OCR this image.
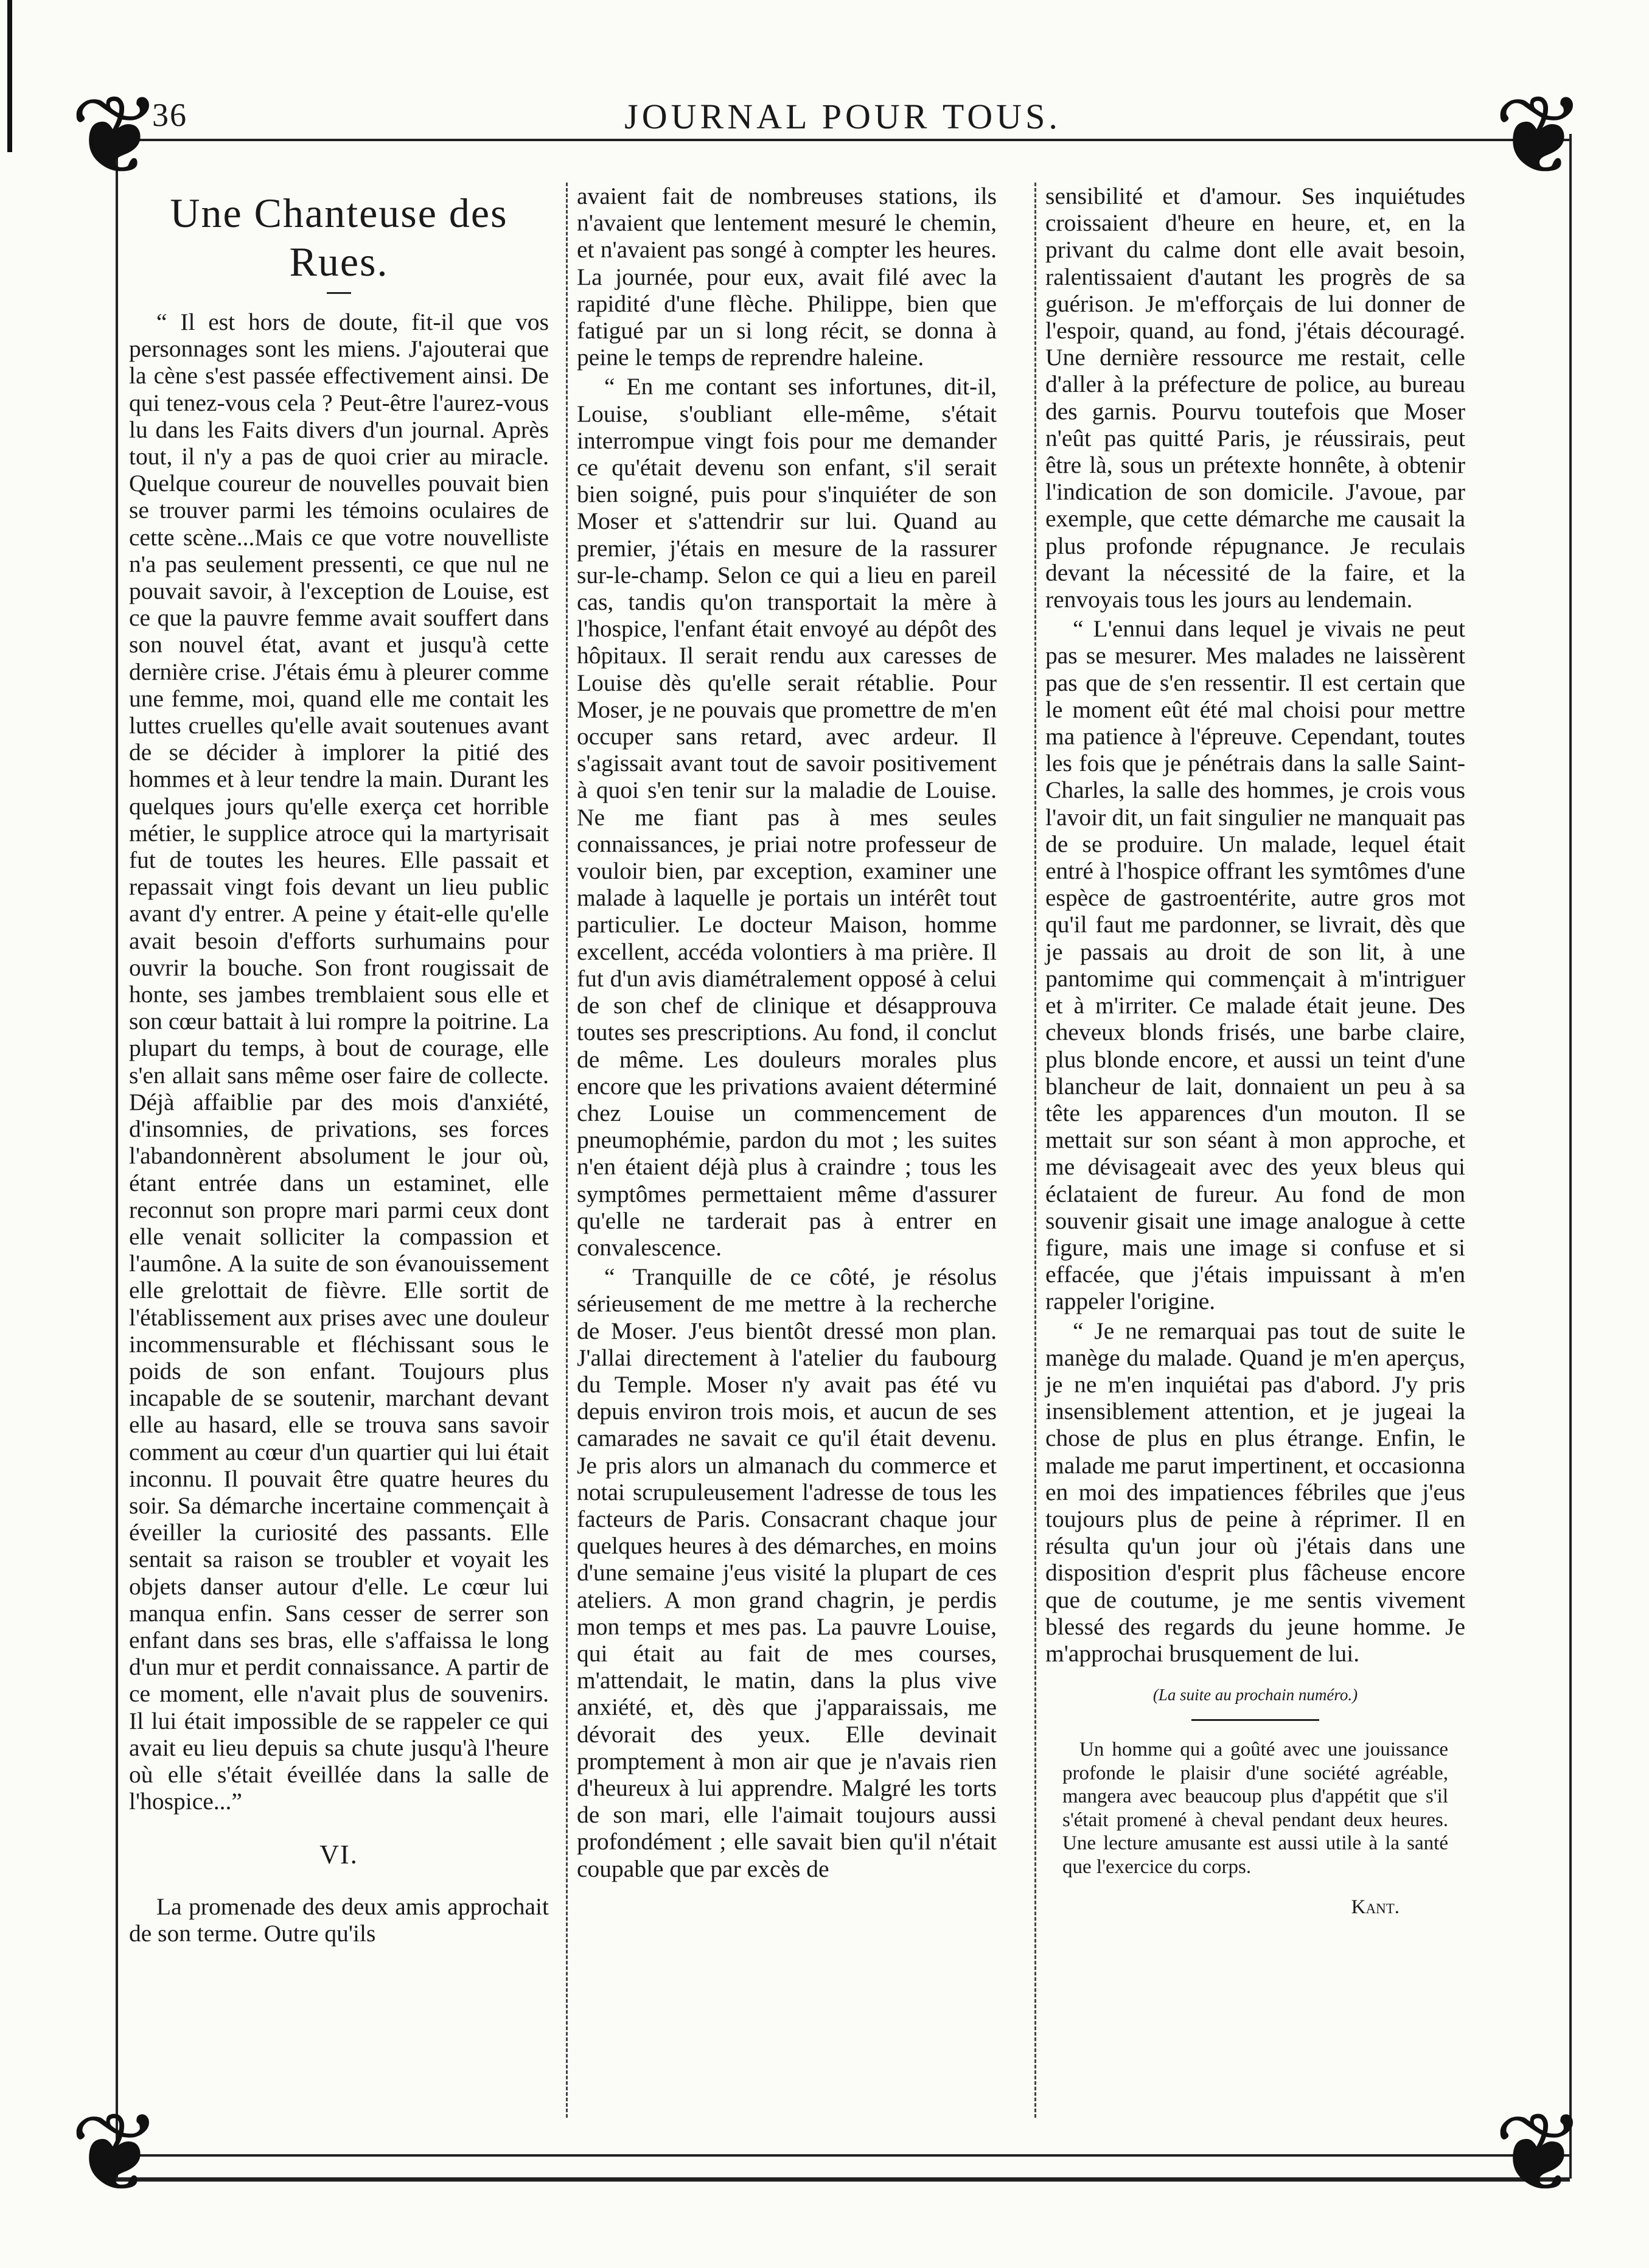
❦	❦
❦	❦
36	JOURNAL POUR TOUS.
Une Chanteuse des Rues.

“ Il est hors de doute, fit-il que vos personnages sont les miens. J'ajouterai que la cène s'est passée effectivement ainsi. De qui tenez-vous cela ? Peut-être l'aurez-vous lu dans les Faits divers d'un journal. Après tout, il n'y a pas de quoi crier au miracle. Quelque coureur de nouvelles pouvait bien se trouver parmi les témoins oculaires de cette scène...Mais ce que votre nouvelliste n'a pas seulement pressenti, ce que nul ne pouvait savoir, à l'exception de Louise, est ce que la pauvre femme avait souffert dans son nouvel état, avant et jusqu'à cette dernière crise. J'étais ému à pleurer comme une femme, moi, quand elle me contait les luttes cruelles qu'elle avait soutenues avant de se décider à implorer la pitié des hommes et à leur tendre la main. Durant les quelques jours qu'elle exerça cet horrible métier, le supplice atroce qui la martyrisait fut de toutes les heures. Elle passait et repassait vingt fois devant un lieu public avant d'y entrer. A peine y était-elle qu'elle avait besoin d'efforts surhumains pour ouvrir la bouche. Son front rougissait de honte, ses jambes tremblaient sous elle et son cœur battait à lui rompre la poitrine. La plupart du temps, à bout de courage, elle s'en allait sans même oser faire de collecte. Déjà affaiblie par des mois d'anxiété, d'insomnies, de privations, ses forces l'abandonnèrent absolument le jour où, étant entrée dans un estaminet, elle reconnut son propre mari parmi ceux dont elle venait solliciter la compassion et l'aumône. A la suite de son évanouissement elle grelottait de fièvre. Elle sortit de l'établissement aux prises avec une douleur incommensurable et fléchissant sous le poids de son enfant. Toujours plus incapable de se soutenir, marchant devant elle au hasard, elle se trouva sans savoir comment au cœur d'un quartier qui lui était inconnu. Il pouvait être quatre heures du soir. Sa démarche incertaine commençait à éveiller la curiosité des passants. Elle sentait sa raison se troubler et voyait les objets danser autour d'elle. Le cœur lui manqua enfin. Sans cesser de serrer son enfant dans ses bras, elle s'affaissa le long d'un mur et perdit connaissance. A partir de ce moment, elle n'avait plus de souvenirs. Il lui était impossible de se rappeler ce qui avait eu lieu depuis sa chute jusqu'à l'heure où elle s'était éveillée dans la salle de l'hospice...”

VI.

La promenade des deux amis approchait de son terme. Outre qu'ils

avaient fait de nombreuses stations, ils n'avaient que lentement mesuré le chemin, et n'avaient pas songé à compter les heures. La journée, pour eux, avait filé avec la rapidité d'une flèche. Philippe, bien que fatigué par un si long récit, se donna à peine le temps de reprendre haleine.

“ En me contant ses infortunes, dit-il, Louise, s'oubliant elle-même, s'était interrompue vingt fois pour me demander ce qu'était devenu son enfant, s'il serait bien soigné, puis pour s'inquiéter de son Moser et s'attendrir sur lui. Quand au premier, j'étais en mesure de la rassurer sur-le-champ. Selon ce qui a lieu en pareil cas, tandis qu'on transportait la mère à l'hospice, l'enfant était envoyé au dépôt des hôpitaux. Il serait rendu aux caresses de Louise dès qu'elle serait rétablie. Pour Moser, je ne pouvais que promettre de m'en occuper sans retard, avec ardeur. Il s'agissait avant tout de savoir positivement à quoi s'en tenir sur la maladie de Louise. Ne me fiant pas à mes seules connaissances, je priai notre professeur de vouloir bien, par exception, examiner une malade à laquelle je portais un intérêt tout particulier. Le docteur Maison, homme excellent, accéda volontiers à ma prière. Il fut d'un avis diamétralement opposé à celui de son chef de clinique et désapprouva toutes ses prescriptions. Au fond, il conclut de même. Les douleurs morales plus encore que les privations avaient déterminé chez Louise un commencement de pneumophémie, pardon du mot ; les suites n'en étaient déjà plus à craindre ; tous les symptômes permettaient même d'assurer qu'elle ne tarderait pas à entrer en convalescence.

“ Tranquille de ce côté, je résolus sérieusement de me mettre à la recherche de Moser. J'eus bientôt dressé mon plan. J'allai directement à l'atelier du faubourg du Temple. Moser n'y avait pas été vu depuis environ trois mois, et aucun de ses camarades ne savait ce qu'il était devenu. Je pris alors un almanach du commerce et notai scrupuleusement l'adresse de tous les facteurs de Paris. Consacrant chaque jour quelques heures à des démarches, en moins d'une semaine j'eus visité la plupart de ces ateliers. A mon grand chagrin, je perdis mon temps et mes pas. La pauvre Louise, qui était au fait de mes courses, m'attendait, le matin, dans la plus vive anxiété, et, dès que j'apparaissais, me dévorait des yeux. Elle devinait promptement à mon air que je n'avais rien d'heureux à lui apprendre. Malgré les torts de son mari, elle l'aimait toujours aussi profondément ; elle savait bien qu'il n'était coupable que par excès de

sensibilité et d'amour. Ses inquiétudes croissaient d'heure en heure, et, en la privant du calme dont elle avait besoin, ralentissaient d'autant les progrès de sa guérison. Je m'efforçais de lui donner de l'espoir, quand, au fond, j'étais découragé. Une dernière ressource me restait, celle d'aller à la préfecture de police, au bureau des garnis. Pourvu toutefois que Moser n'eût pas quitté Paris, je réussirais, peut être là, sous un prétexte honnête, à obtenir l'indication de son domicile. J'avoue, par exemple, que cette démarche me causait la plus profonde répugnance. Je reculais devant la nécessité de la faire, et la renvoyais tous les jours au lendemain.

“ L'ennui dans lequel je vivais ne peut pas se mesurer. Mes malades ne laissèrent pas que de s'en ressentir. Il est certain que le moment eût été mal choisi pour mettre ma patience à l'épreuve. Cependant, toutes les fois que je pénétrais dans la salle Saint-Charles, la salle des hommes, je crois vous l'avoir dit, un fait singulier ne manquait pas de se produire. Un malade, lequel était entré à l'hospice offrant les symtômes d'une espèce de gastroentérite, autre gros mot qu'il faut me pardonner, se livrait, dès que je passais au droit de son lit, à une pantomime qui commençait à m'intriguer et à m'irriter. Ce malade était jeune. Des cheveux blonds frisés, une barbe claire, plus blonde encore, et aussi un teint d'une blancheur de lait, donnaient un peu à sa tête les apparences d'un mouton. Il se mettait sur son séant à mon approche, et me dévisageait avec des yeux bleus qui éclataient de fureur. Au fond de mon souvenir gisait une image analogue à cette figure, mais une image si confuse et si effacée, que j'étais impuissant à m'en rappeler l'origine.

“ Je ne remarquai pas tout de suite le manège du malade. Quand je m'en aperçus, je ne m'en inquiétai pas d'abord. J'y pris insensiblement attention, et je jugeai la chose de plus en plus étrange. Enfin, le malade me parut impertinent, et occasionna en moi des impatiences fébriles que j'eus toujours plus de peine à réprimer. Il en résulta qu'un jour où j'étais dans une disposition d'esprit plus fâcheuse encore que de coutume, je me sentis vivement blessé des regards du jeune homme. Je m'approchai brusquement de lui.

(La suite au prochain numéro.)

Un homme qui a goûté avec une jouissance profonde le plaisir d'une société agréable, mangera avec beaucoup plus d'appétit que s'il s'était promené à cheval pendant deux heures. Une lecture amusante est aussi utile à la santé que l'exercice du corps.

Kant.
